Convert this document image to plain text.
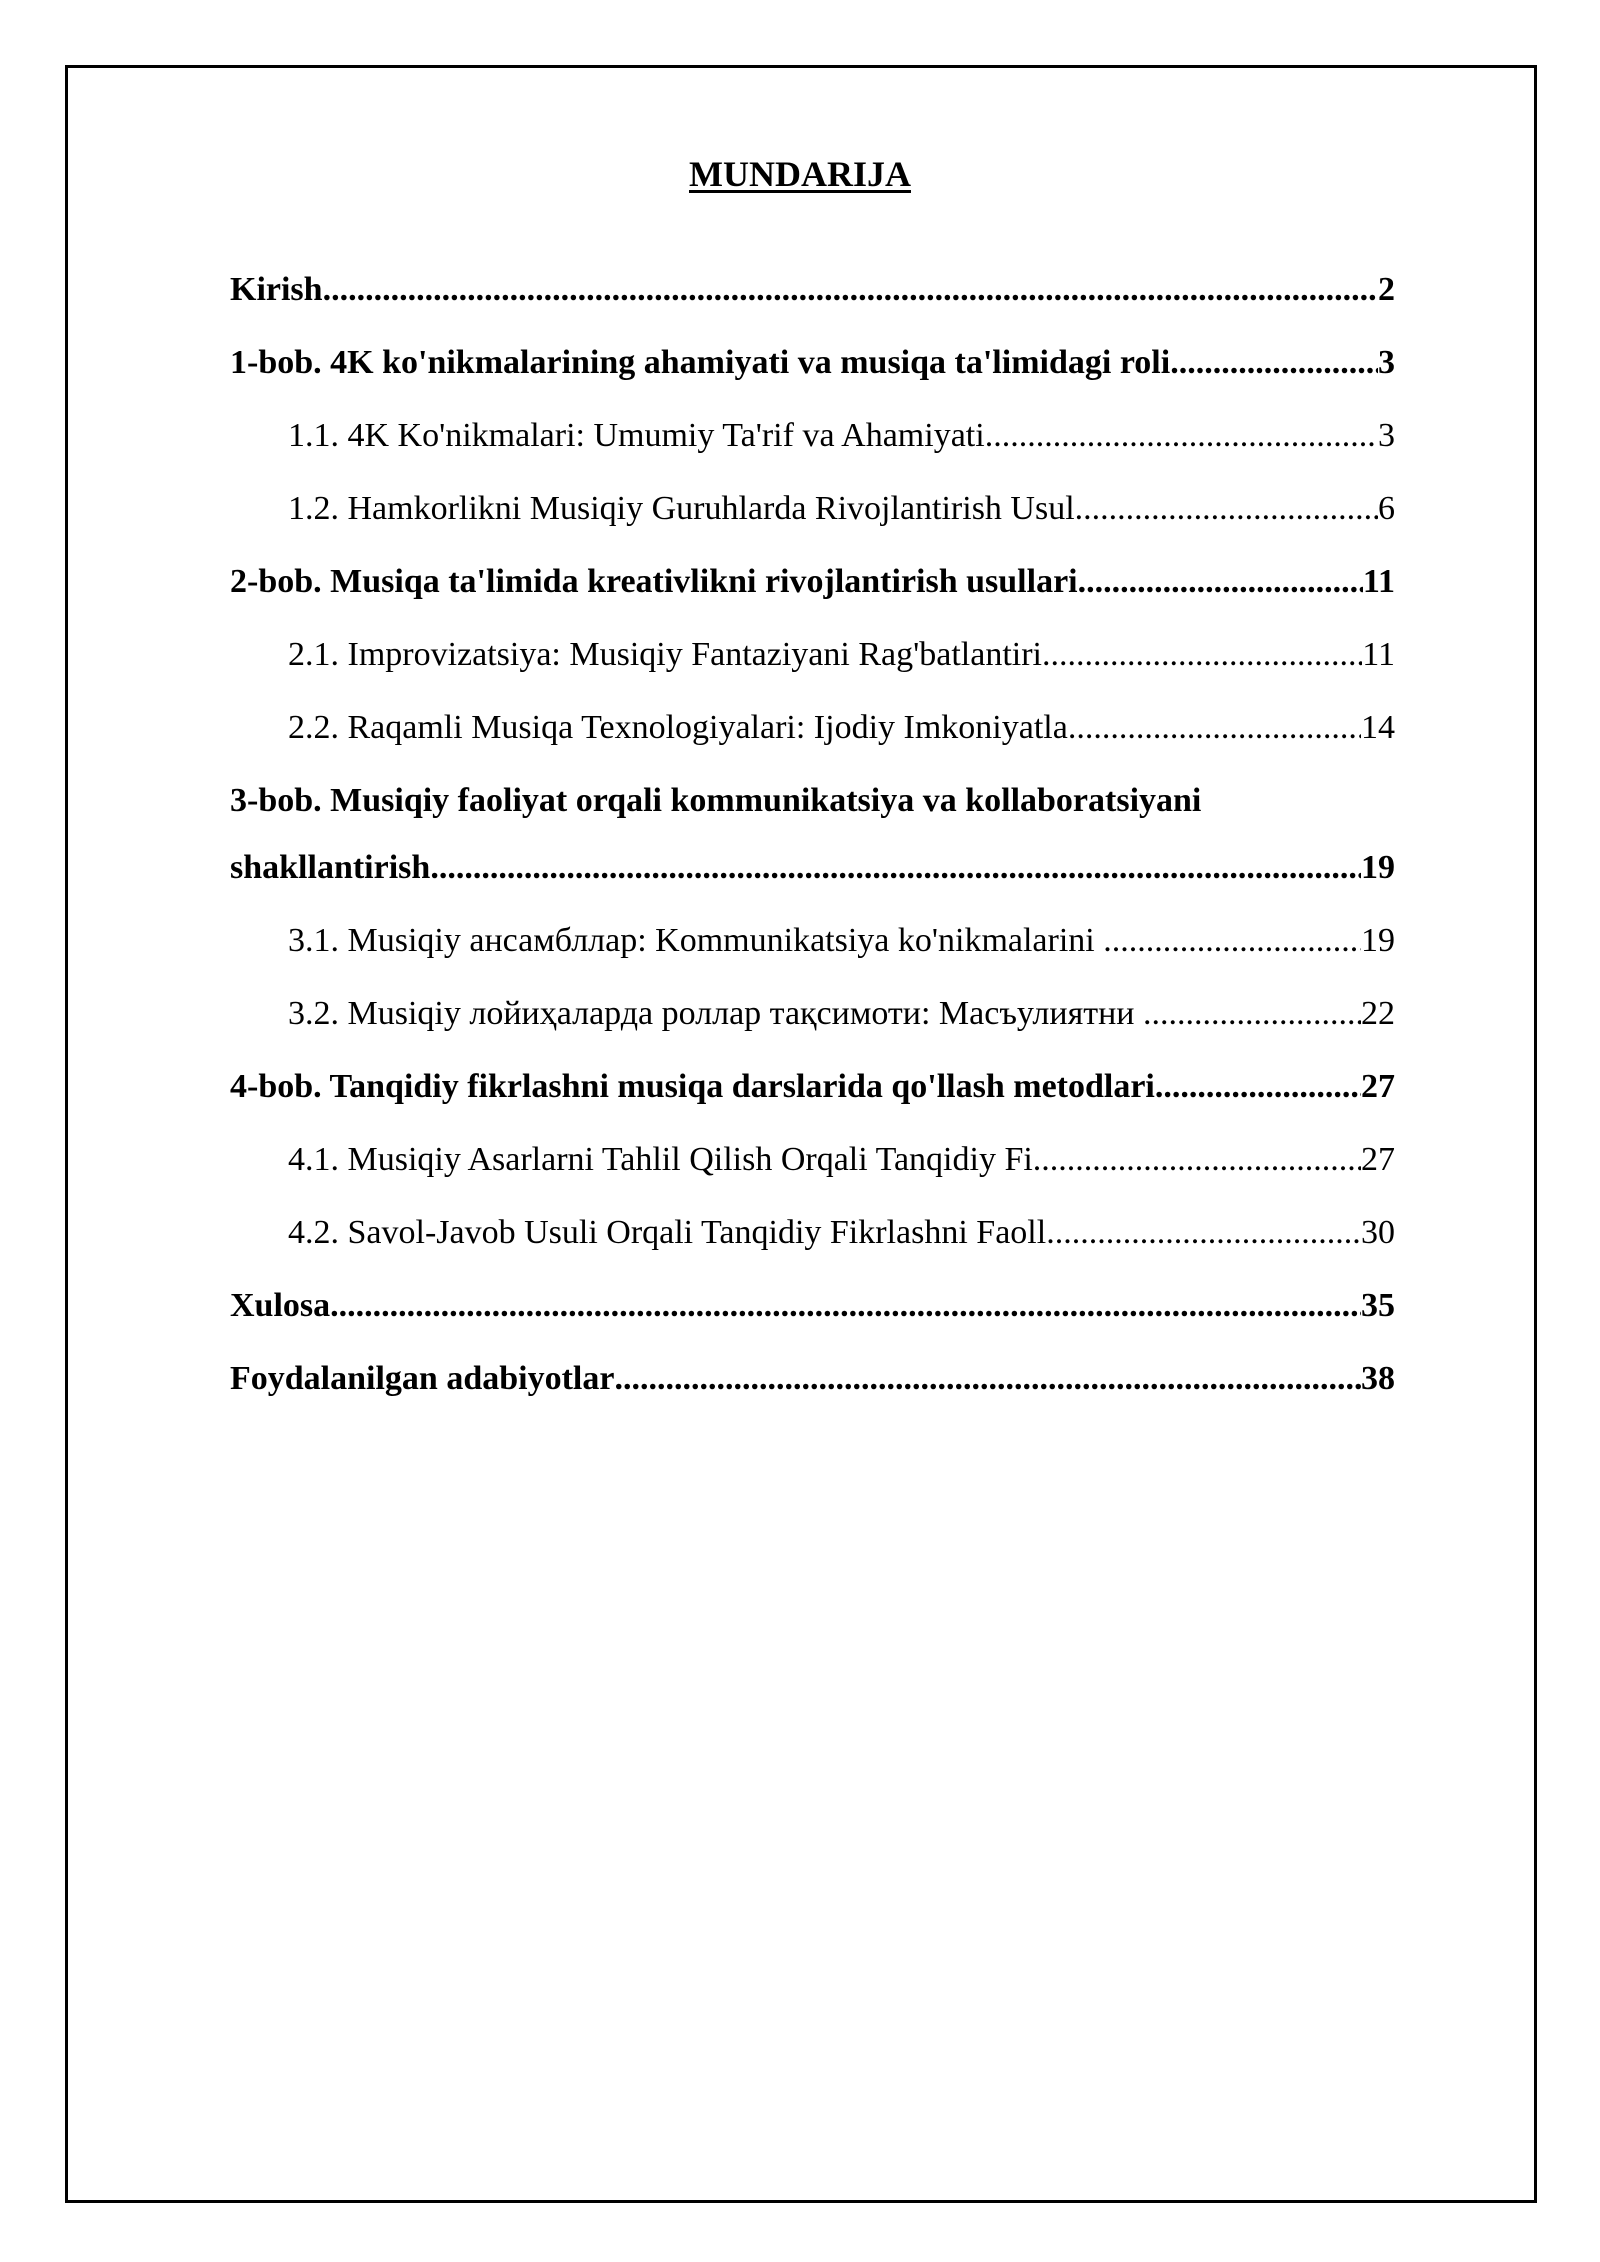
MUNDARIJA
Kirish .....	2
1-bob. 4K ko'nikmalarining ahamiyati va musiqa ta'limidagi roli .....	3
1.1. 4K Ko'nikmalari: Umumiy Ta'rif va Ahamiyati .....	3
1.2. Hamkorlikni Musiqiy Guruhlarda Rivojlantirish Usul .....	6
2-bob. Musiqa ta'limida kreativlikni rivojlantirish usullari .....	11
2.1. Improvizatsiya: Musiqiy Fantaziyani Rag'batlantiri .....	11
2.2. Raqamli Musiqa Texnologiyalari: Ijodiy Imkoniyatla .....	14
3-bob. Musiqiy faoliyat orqali kommunikatsiya va kollaboratsiyani
shakllantirish .....	19
3.1. Musiqiy ансамбллар: Kommunikatsiya ko'nikmalarini .....	19
3.2. Musiqiy лойиҳаларда роллар тақсимоти: Масъулиятни .....	22
4-bob. Tanqidiy fikrlashni musiqa darslarida qo'llash metodlari .....	27
4.1. Musiqiy Asarlarni Tahlil Qilish Orqali Tanqidiy Fi .....	27
4.2. Savol-Javob Usuli Orqali Tanqidiy Fikrlashni Faoll .....	30
Xulosa .....	35
Foydalanilgan adabiyotlar .....	38
